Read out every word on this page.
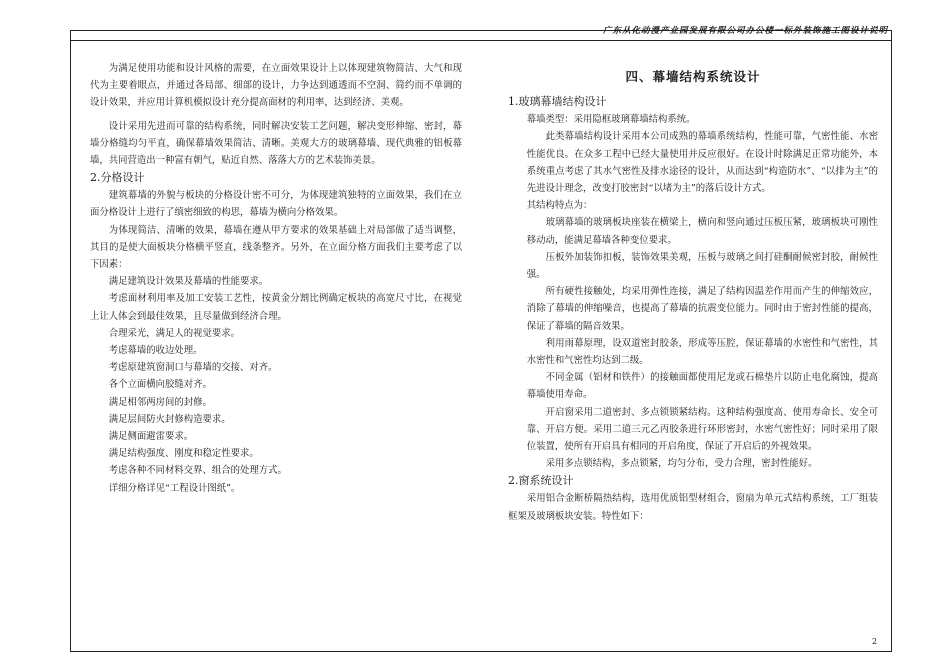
广东从化动漫产业园发展有限公司办公楼一标外装饰施工图设计说明

为满足使用功能和设计风格的需要，在立面效果设计上以体现建筑物简洁、大气和现代为主要着眼点，并通过各局部、细部的设计，力争达到通透而不空洞、简约而不单调的设计效果，并应用计算机模拟设计充分提高面材的利用率，达到经济、美观。

设计采用先进而可靠的结构系统，同时解决安装工艺问题，解决变形伸缩、密封，幕墙分格缝均匀平直，确保幕墙效果简洁、清晰。美观大方的玻璃幕墙、现代典雅的铝板幕墙，共同营造出一种富有朝气，贴近自然、落落大方的艺术装饰美景。

2.分格设计

建筑幕墙的外貌与板块的分格设计密不可分，为体现建筑独特的立面效果，我们在立面分格设计上进行了缜密细致的构思，幕墙为横向分格效果。

为体现简洁、清晰的效果，幕墙在遵从甲方要求的效果基础上对局部做了适当调整，其目的是使大面板块分格横平竖直，线条整齐。另外，在立面分格方面我们主要考虑了以下因素：

满足建筑设计效果及幕墙的性能要求。

考虑面材利用率及加工安装工艺性，按黄金分割比例确定板块的高宽尺寸比，在视觉上让人体会到最佳效果，且尽量做到经济合理。

合理采光，满足人的视觉要求。

考虑幕墙的收边处理。

考虑原建筑窗洞口与幕墙的交接、对齐。

各个立面横向胶缝对齐。

满足相邻两房间的封修。

满足层间防火封修构造要求。

满足侧面避雷要求。

满足结构强度、刚度和稳定性要求。

考虑各种不同材料交界、组合的处理方式。

详细分格详见“工程设计图纸”。

四、幕墙结构系统设计
1.玻璃幕墙结构设计

幕墙类型：采用隐框玻璃幕墙结构系统。

此类幕墙结构设计采用本公司成熟的幕墙系统结构，性能可靠，气密性能、水密性能优良。在众多工程中已经大量使用并反应很好。在设计时除满足正常功能外，本系统重点考虑了其水气密性及排水途径的设计，从而达到“构造防水”、“以排为主”的先进设计理念，改变打胶密封“以堵为主”的落后设计方式。

其结构特点为：

玻璃幕墙的玻璃板块座装在横梁上，横向和竖向通过压板压紧，玻璃板块可刚性移动动，能满足幕墙各种变位要求。

压板外加装饰扣板，装饰效果美观，压板与玻璃之间打硅酮耐候密封胶，耐候性强。

所有硬性接触处，均采用弹性连接，满足了结构因温差作用而产生的伸缩效应，消除了幕墙的伸缩噪音，也提高了幕墙的抗震变位能力。同时由于密封性能的提高，保证了幕墙的隔音效果。

利用雨幕原理，设双道密封胶条，形成等压腔，保证幕墙的水密性和气密性，其水密性和气密性均达到二级。

不同金属（铝材和铁件）的接触面都使用尼龙或石棉垫片以防止电化腐蚀，提高幕墙使用寿命。

开启窗采用二道密封、多点锁锁紧结构。这种结构强度高、使用寿命长、安全可靠、开启方便。采用二道三元乙丙胶条进行环形密封，水密气密性好；同时采用了限位装置，使所有开启具有相同的开启角度，保证了开启后的外视效果。

采用多点锁结构，多点锁紧，均匀分布，受力合理，密封性能好。

2.窗系统设计

采用铝合金断桥隔热结构，选用优质铝型材组合，窗扇为单元式结构系统，工厂组装框架及玻璃板块安装。特性如下：

2
